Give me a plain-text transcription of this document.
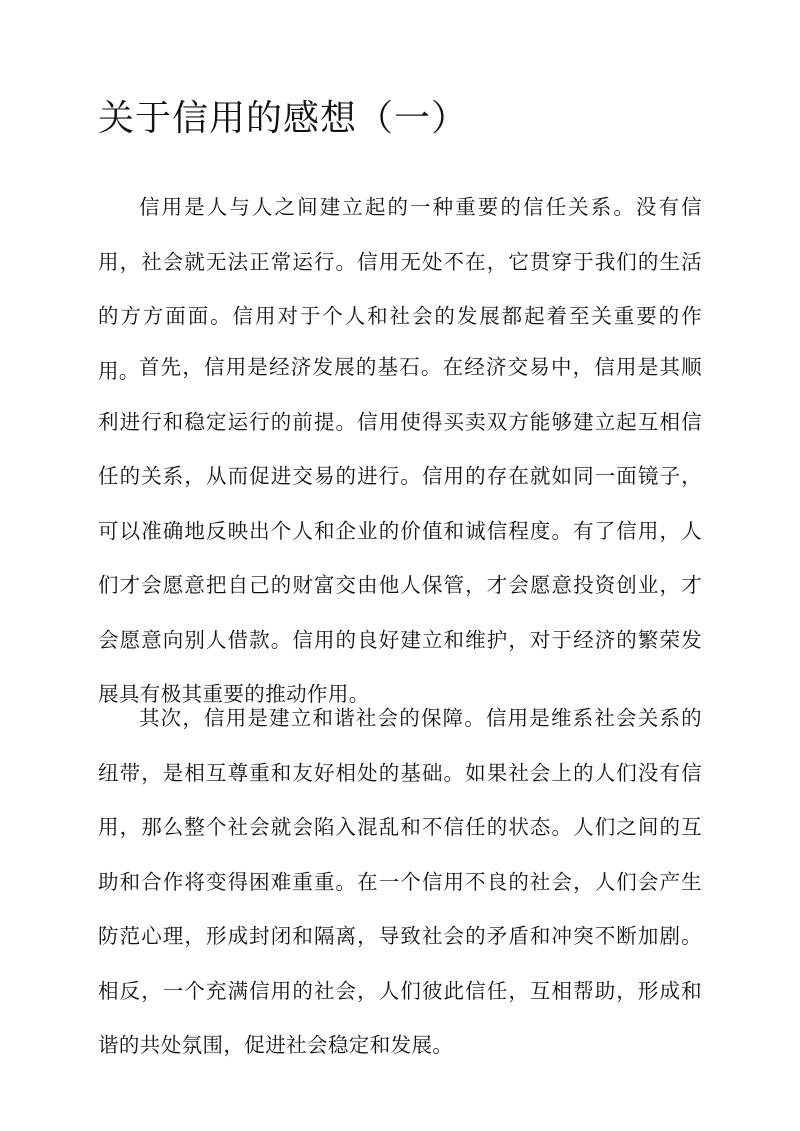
关于信用的感想（一）

信用是人与人之间建立起的一种重要的信任关系。没有信用，社会就无法正常运行。信用无处不在，它贯穿于我们的生活的方方面面。信用对于个人和社会的发展都起着至关重要的作用。 首先，信用是经济发展的基石。在经济交易中，信用是其顺利进行和稳定运行的前提。信用使得买卖双方能够建立起互相信任的关系，从而促进交易的进行。信用的存在就如同一面镜子，可以准确地反映出个人和企业的价值和诚信程度。有了信用，人们才会愿意把自己的财富交由他人保管，才会愿意投资创业，才会愿意向别人借款。信用的良好建立和维护，对于经济的繁荣发展具有极其重要的推动作用。

其次，信用是建立和谐社会的保障。信用是维系社会关系的纽带，是相互尊重和友好相处的基础。如果社会上的人们没有信用，那么整个社会就会陷入混乱和不信任的状态。人们之间的互助和合作将变得困难重重。在一个信用不良的社会，人们会产生防范心理，形成封闭和隔离，导致社会的矛盾和冲突不断加剧。相反，一个充满信用的社会，人们彼此信任，互相帮助，形成和谐的共处氛围，促进社会稳定和发展。
